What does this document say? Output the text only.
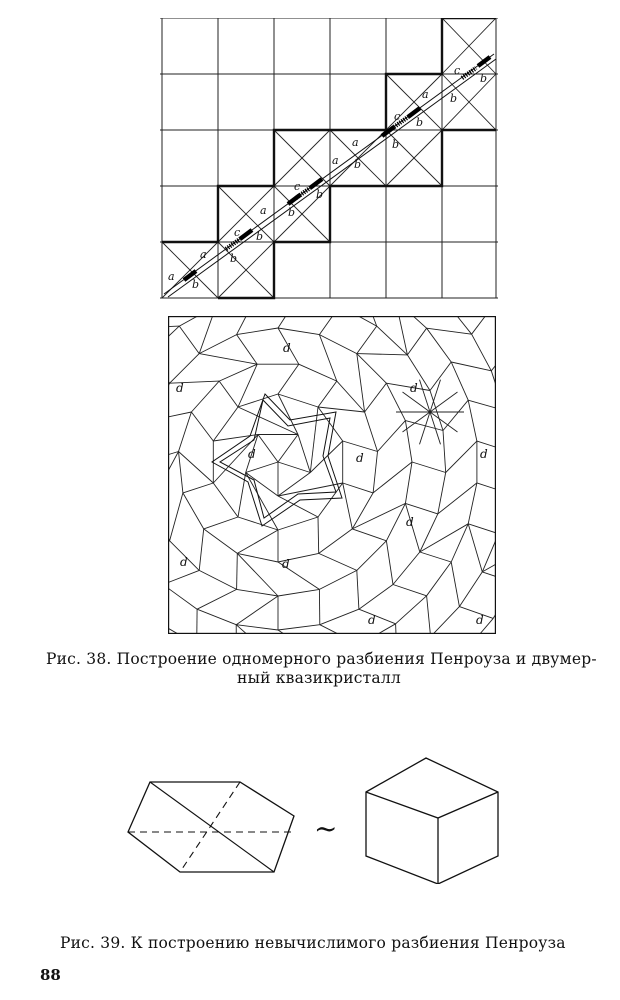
a
b
a b
c b
a b
c
b
a b
a
c b
b
a b
c
b
d
d	d
d	d	d
d
d	d
d	d
~
Рис. 38. Построение одномерного разбиения Пенроуза и двумер-
ный квазикристалл
Рис. 39. К построению невычислимого разбиения Пенроуза
88
